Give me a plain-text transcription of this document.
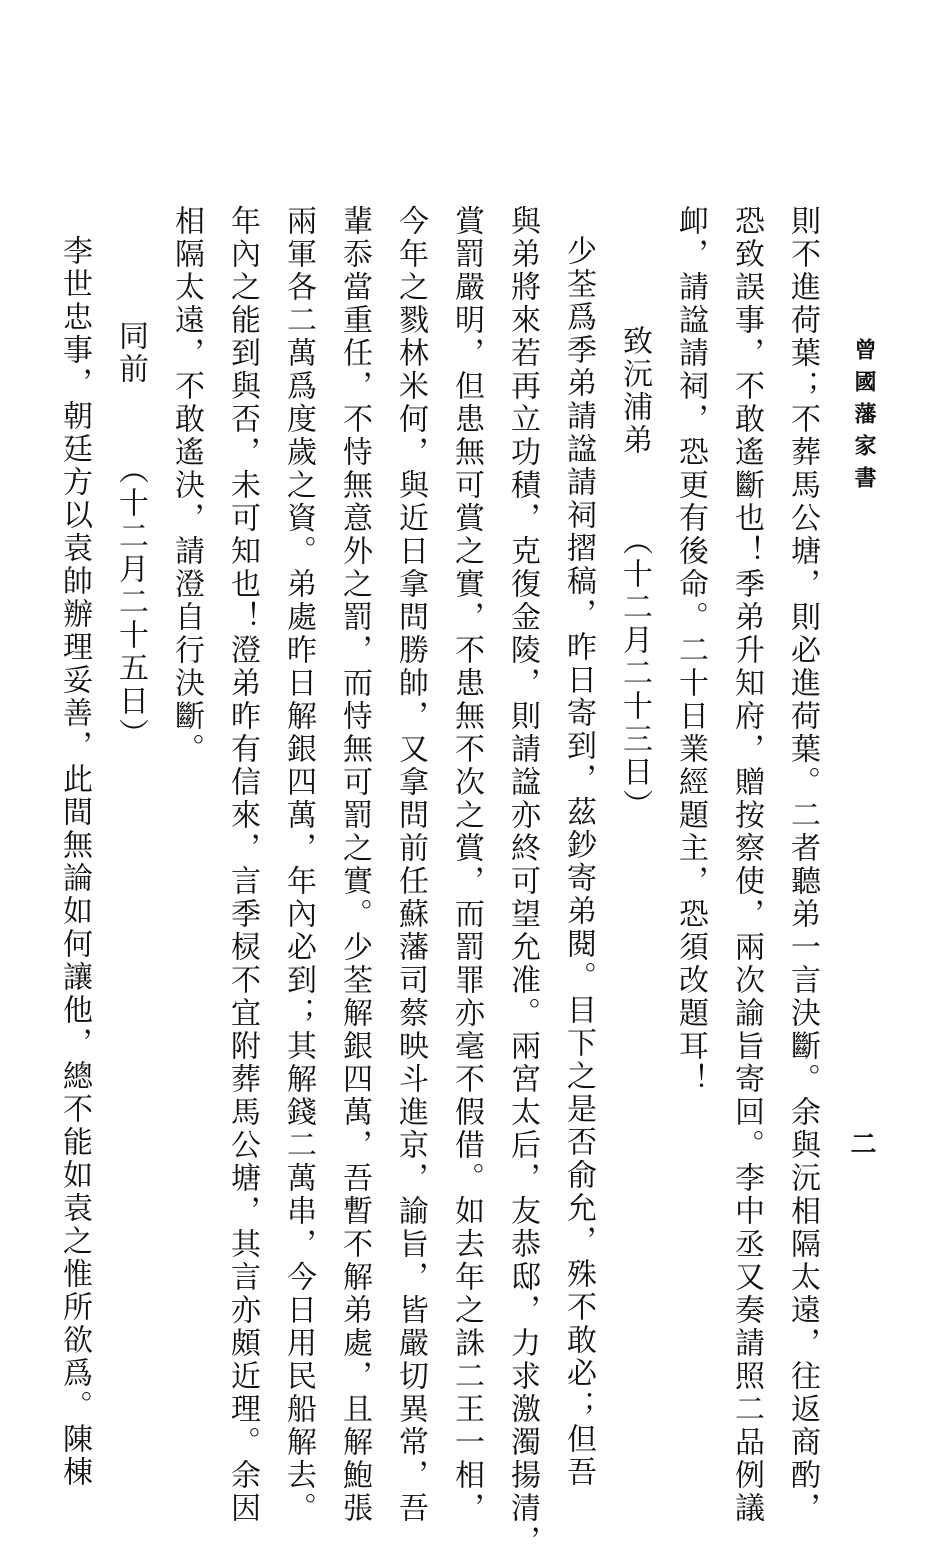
曾國藩家書
二
則不進荷葉；不葬馬公塘，則必進荷葉。二者聽弟一言決斷。余與沅相隔太遠，往返商酌，
恐致誤事，不敢遙斷也！季弟升知府，贈按察使，兩次諭旨寄回。李中丞又奏請照二品例議
卹，請諡請祠，恐更有後命。二十日業經題主，恐須改題耳！
致沅浦弟 （十二月二十三日）
少荃爲季弟請諡請祠摺稿，昨日寄到，茲鈔寄弟閱。目下之是否俞允，殊不敢必；但吾
與弟將來若再立功積，克復金陵，則請諡亦終可望允准。兩宮太后，友恭邸，力求激濁揚清，
賞罰嚴明，但患無可賞之實，不患無不次之賞，而罰罪亦毫不假借。如去年之誅二王一相，
今年之戮林米何，與近日拿問勝帥，又拿問前任蘇藩司蔡映斗進京，諭旨，皆嚴切異常，吾
輩忝當重任，不恃無意外之罰，而恃無可罰之實。少荃解銀四萬，吾暫不解弟處，且解鮑張
兩軍各二萬爲度歲之資。弟處昨日解銀四萬，年內必到；其解錢二萬串，今日用民船解去。
年內之能到與否，未可知也！澄弟昨有信來，言季棂不宜附葬馬公塘，其言亦頗近理。余因
相隔太遠，不敢遙決，請澄自行決斷。
同前 （十二月二十五日）
李世忠事，朝廷方以袁帥辦理妥善，此間無論如何讓他，總不能如袁之惟所欲爲。陳棟
